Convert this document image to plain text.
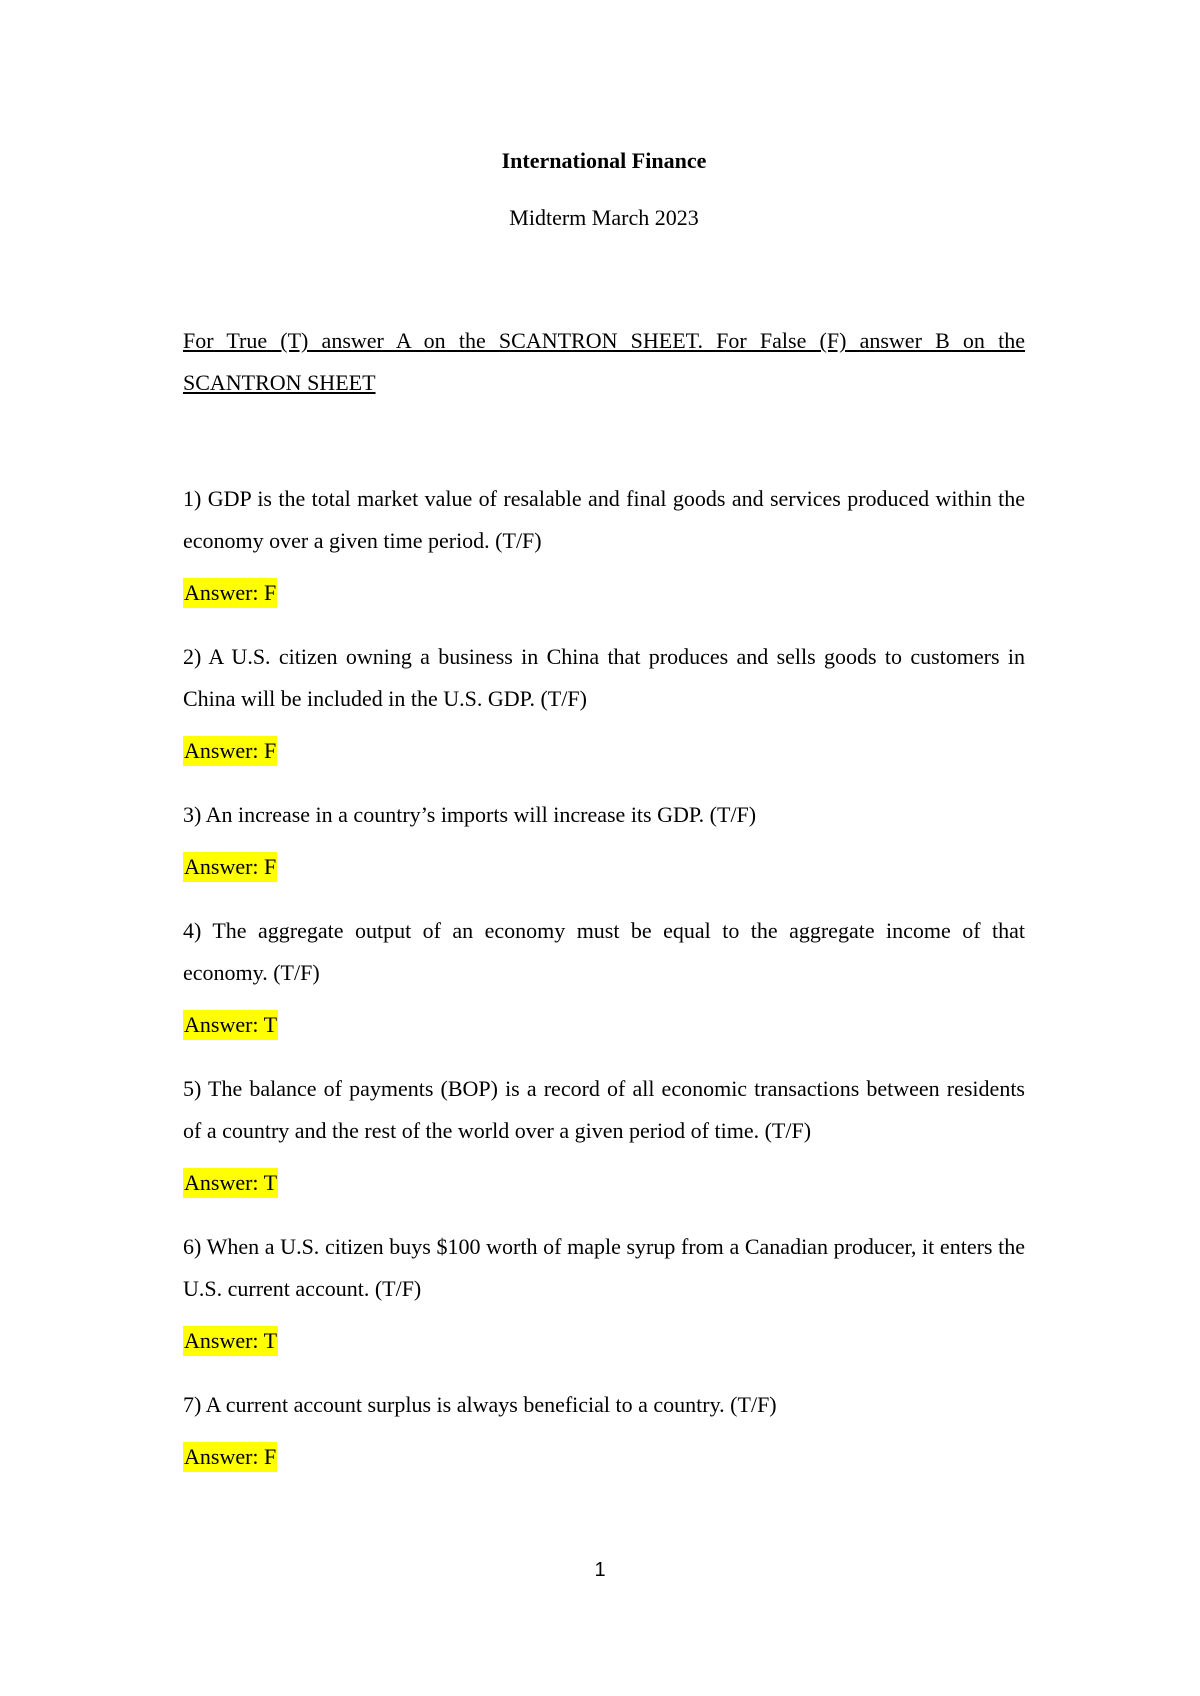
International Finance

Midterm March 2023

For True (T) answer A on the SCANTRON SHEET. For False (F) answer B on the SCANTRON SHEET

1) GDP is the total market value of resalable and final goods and services produced within the economy over a given time period. (T/F)

Answer: F

2) A U.S. citizen owning a business in China that produces and sells goods to customers in China will be included in the U.S. GDP. (T/F)

Answer: F

3) An increase in a country’s imports will increase its GDP. (T/F)

Answer: F

4) The aggregate output of an economy must be equal to the aggregate income of that economy. (T/F)

Answer: T

5) The balance of payments (BOP) is a record of all economic transactions between residents of a country and the rest of the world over a given period of time. (T/F)

Answer: T

6) When a U.S. citizen buys $100 worth of maple syrup from a Canadian producer, it enters the U.S. current account. (T/F)

Answer: T

7) A current account surplus is always beneficial to a country. (T/F)

Answer: F
1
